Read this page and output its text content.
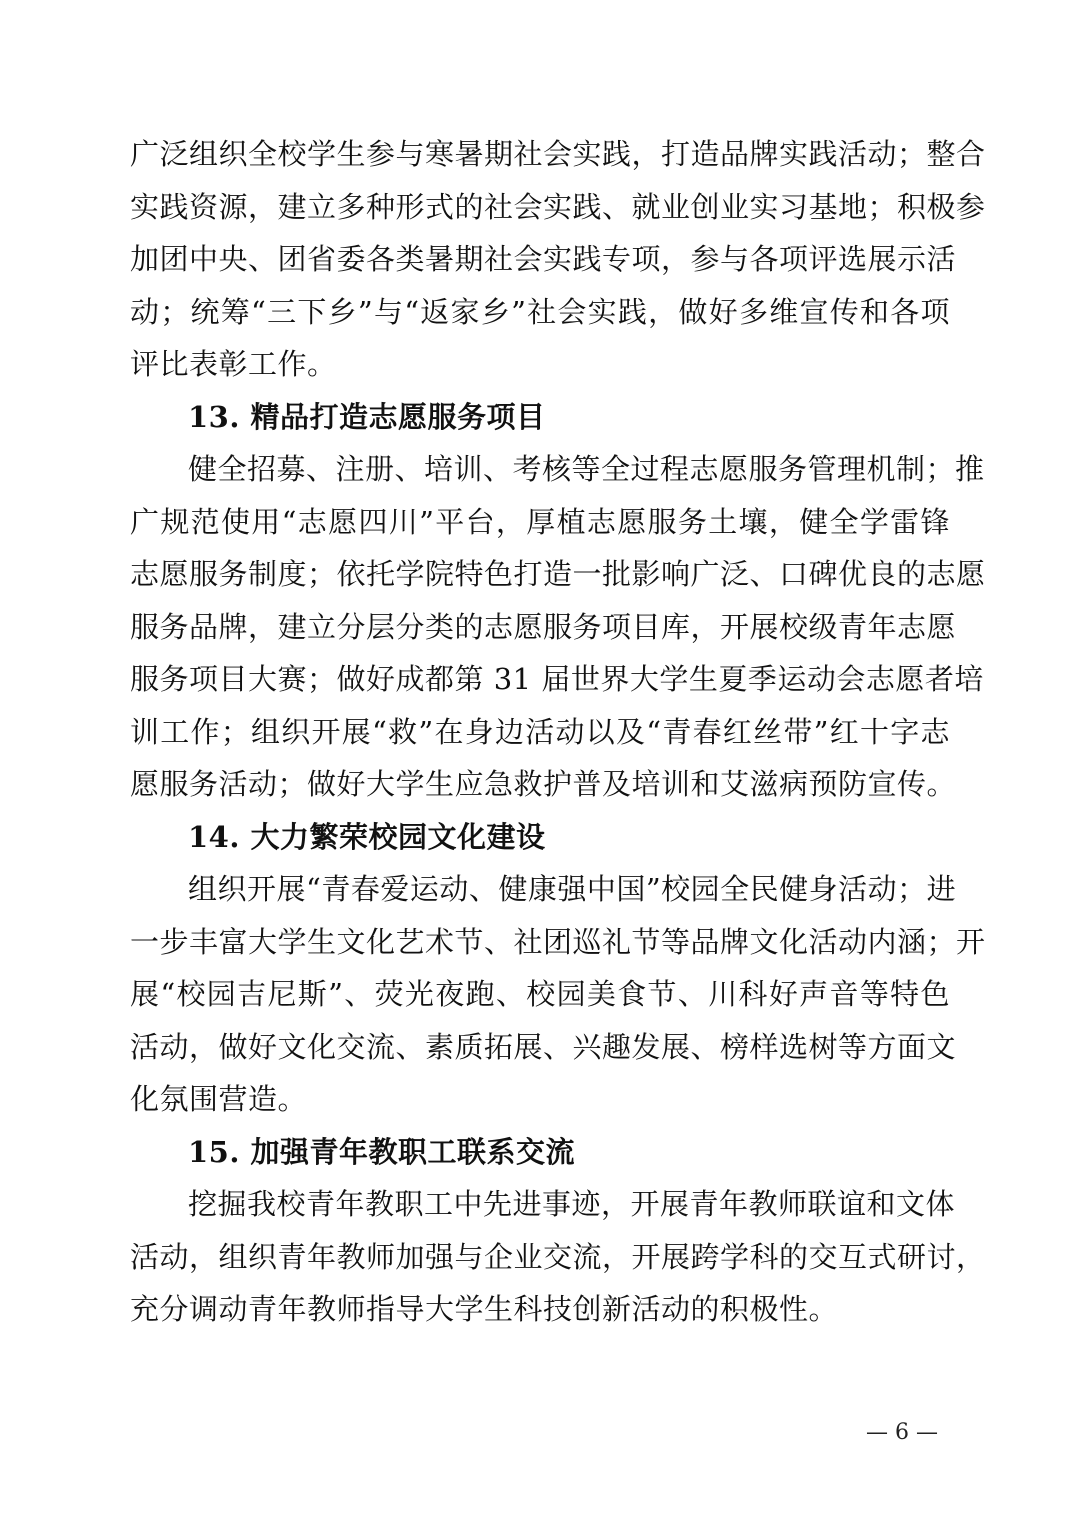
广泛组织全校学生参与寒暑期社会实践，打造品牌实践活动；整合
实践资源，建立多种形式的社会实践、就业创业实习基地；积极参
加团中央、团省委各类暑期社会实践专项，参与各项评选展示活
动；统筹“三下乡”与“返家乡”社会实践，做好多维宣传和各项
评比表彰工作。
13. 精品打造志愿服务项目
健全招募、注册、培训、考核等全过程志愿服务管理机制；推
广规范使用“志愿四川”平台，厚植志愿服务土壤，健全学雷锋
志愿服务制度；依托学院特色打造一批影响广泛、口碑优良的志愿
服务品牌，建立分层分类的志愿服务项目库，开展校级青年志愿
服务项目大赛；做好成都第 31 届世界大学生夏季运动会志愿者培
训工作；组织开展“救”在身边活动以及“青春红丝带”红十字志
愿服务活动；做好大学生应急救护普及培训和艾滋病预防宣传。
14. 大力繁荣校园文化建设
组织开展“青春爱运动、健康强中国”校园全民健身活动；进
一步丰富大学生文化艺术节、社团巡礼节等品牌文化活动内涵；开
展“校园吉尼斯”、荧光夜跑、校园美食节、川科好声音等特色
活动，做好文化交流、素质拓展、兴趣发展、榜样选树等方面文
化氛围营造。
15. 加强青年教职工联系交流
挖掘我校青年教职工中先进事迹，开展青年教师联谊和文体
活动，组织青年教师加强与企业交流，开展跨学科的交互式研讨，
充分调动青年教师指导大学生科技创新活动的积极性。
— 6 —
